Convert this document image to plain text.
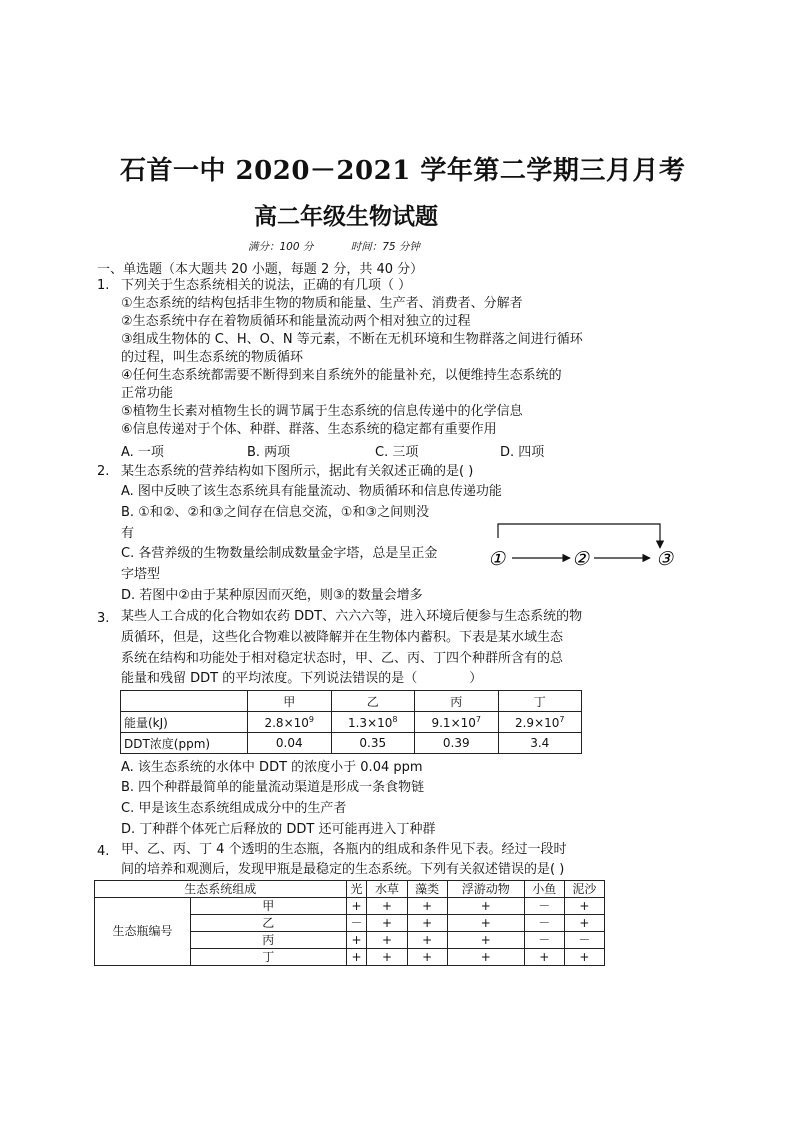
石首一中 2020－2021 学年第二学期三月月考
高二年级生物试题
满分：100 分	时间：75 分钟
一、单选题（本大题共 20 小题，每题 2 分，共 40 分）
1. 下列关于生态系统相关的说法，正确的有几项（ ）
①生态系统的结构包括非生物的物质和能量、生产者、消费者、分解者
②生态系统中存在着物质循环和能量流动两个相对独立的过程
③组成生物体的 C、H、O、N 等元素，不断在无机环境和生物群落之间进行循环
的过程，叫生态系统的物质循环
④任何生态系统都需要不断得到来自系统外的能量补充，以便维持生态系统的
正常功能
⑤植物生长素对植物生长的调节属于生态系统的信息传递中的化学信息
⑥信息传递对于个体、种群、群落、生态系统的稳定都有重要作用
A. 一项	B. 两项	C. 三项	D. 四项
2. 某生态系统的营养结构如下图所示，据此有关叙述正确的是( )
A. 图中反映了该生态系统具有能量流动、物质循环和信息传递功能
B. ①和②、②和③之间存在信息交流，①和③之间则没
有
C. 各营养级的生物数量绘制成数量金字塔，总是呈正金
字塔型
D. 若图中②由于某种原因而灭绝，则③的数量会增多
①	②	③
3. 某些人工合成的化合物如农药 DDT、六六六等，进入环境后便参与生态系统的物
质循环，但是，这些化合物难以被降解并在生物体内蓄积。下表是某水域生态
系统在结构和功能处于相对稳定状态时，甲、乙、丙、丁四个种群所含有的总
能量和残留 DDT 的平均浓度。下列说法错误的是（　　　　）
	甲	乙	丙	丁
能量(kJ)	$2.8\times 10^9$	$1.3\times 10^8$	$9.1\times 10^7$	$2.9\times 10^7$
DDT浓度(ppm)	0.04	0.35	0.39	3.4
A. 该生态系统的水体中 DDT 的浓度小于 0.04 ppm
B. 四个种群最简单的能量流动渠道是形成一条食物链
C. 甲是该生态系统组成成分中的生产者
D. 丁种群个体死亡后释放的 DDT 还可能再进入丁种群
4. 甲、乙、丙、丁 4 个透明的生态瓶，各瓶内的组成和条件见下表。经过一段时
间的培养和观测后，发现甲瓶是最稳定的生态系统。下列有关叙述错误的是( )
生态系统组成		光	水草	藻类	浮游动物	小鱼	泥沙
生态瓶编号	甲	+	+	+	+	－	+
	乙	－	+	+	+	－	+
	丙	+	+	+	+	－	－
	丁	+	+	+	+	+	+
